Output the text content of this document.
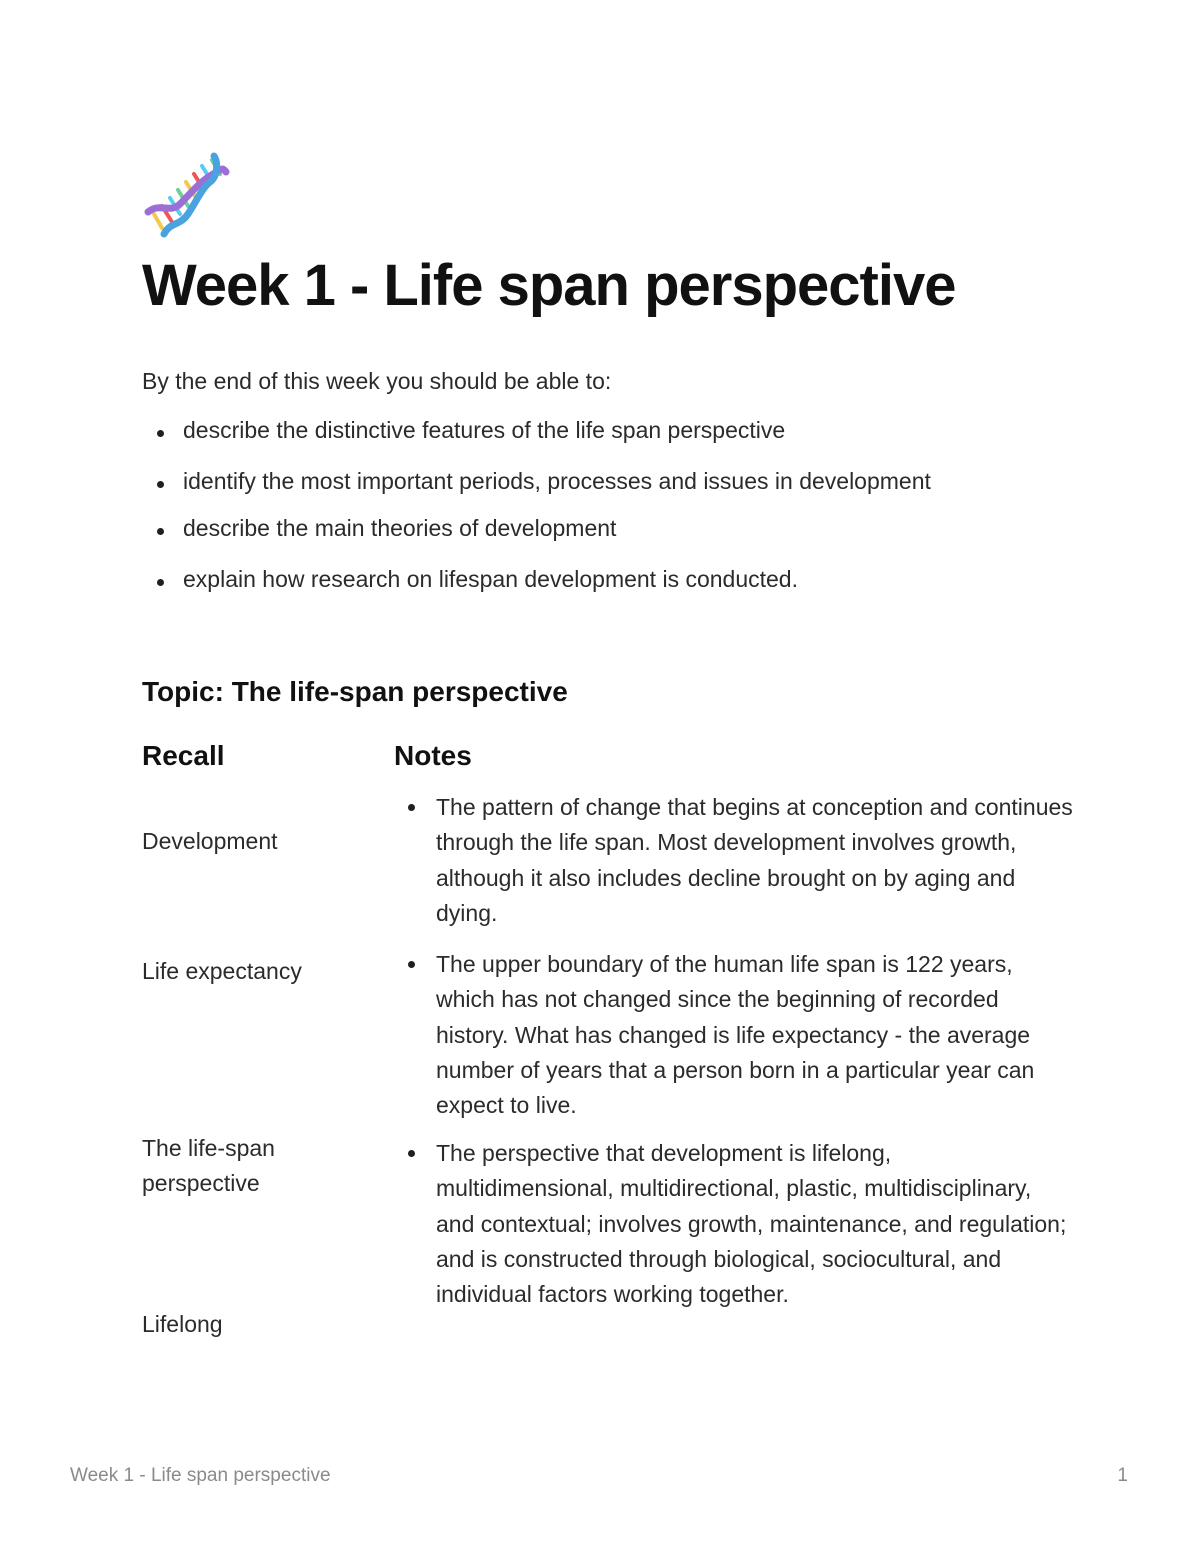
Week 1 - Life span perspective

By the end of this week you should be able to:

describe the distinctive features of the life span perspective
identify the most important periods, processes and issues in development
describe the main theories of development
explain how research on lifespan development is conducted.
Topic: The life-span perspective
Recall	Notes
Development
Life expectancy
The life-span perspective
Lifelong
The pattern of change that begins at conception and continues through the life span. Most development involves growth, although it also includes decline brought on by aging and dying.
The upper boundary of the human life span is 122 years, which has not changed since the beginning of recorded history. What has changed is life expectancy - the average number of years that a person born in a particular year can expect to live.
The perspective that development is lifelong, multidimensional, multidirectional, plastic, multidisciplinary, and contextual; involves growth, maintenance, and regulation; and is constructed through biological, sociocultural, and individual factors working together.
Week 1 - Life span perspective	1
